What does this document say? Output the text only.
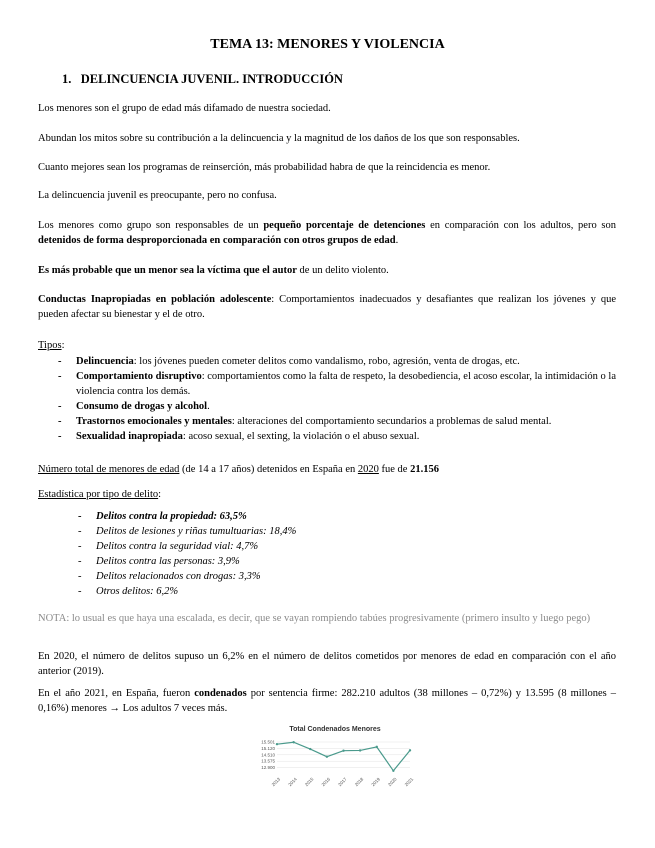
TEMA 13: MENORES Y VIOLENCIA
1. DELINCUENCIA JUVENIL. INTRODUCCIÓN

Los menores son el grupo de edad más difamado de nuestra sociedad.

Abundan los mitos sobre su contribución a la delincuencia y la magnitud de los daños de los que son responsables.

Cuanto mejores sean los programas de reinserción, más probabilidad habra de que la reincidencia es menor.

La delincuencia juvenil es preocupante, pero no confusa.

Los menores como grupo son responsables de un pequeño porcentaje de detenciones en comparación con los adultos, pero son detenidos de forma desproporcionada en comparación con otros grupos de edad.

Es más probable que un menor sea la víctima que el autor de un delito violento.

Conductas Inapropiadas en población adolescente: Comportamientos inadecuados y desafiantes que realizan los jóvenes y que pueden afectar su bienestar y el de otro.

Tipos:
- Delincuencia: los jóvenes pueden cometer delitos como vandalismo, robo, agresión, venta de drogas, etc.
- Comportamiento disruptivo: comportamientos como la falta de respeto, la desobediencia, el acoso escolar, la intimidación o la violencia contra los demás.
- Consumo de drogas y alcohol.
- Trastornos emocionales y mentales: alteraciones del comportamiento secundarios a problemas de salud mental.
- Sexualidad inapropiada: acoso sexual, el sexting, la violación o el abuso sexual.

Número total de menores de edad (de 14 a 17 años) detenidos en España en 2020 fue de 21.156

Estadística por tipo de delito:
- Delitos contra la propiedad: 63,5%
- Delitos de lesiones y riñas tumultuarias: 18,4%
- Delitos contra la seguridad vial: 4,7%
- Delitos contra las personas: 3,9%
- Delitos relacionados con drogas: 3,3%
- Otros delitos: 6,2%

NOTA: lo usual es que haya una escalada, es decir, que se vayan rompiendo tabúes progresivamente (primero insulto y luego pego)

En 2020, el número de delitos supuso un 6,2% en el número de delitos cometidos por menores de edad en comparación con el año anterior (2019).

En el año 2021, en España, fueron condenados por sentencia firme: 282.210 adultos (38 millones – 0,72%) y 13.595 (8 millones – 0,16%) menores → Los adultos 7 veces más.

Total Condenados Menores
15.501
15.120
14.510
13.575
12.900
2013 2014 2015 2016 2017 2018 2019 2020 2021
